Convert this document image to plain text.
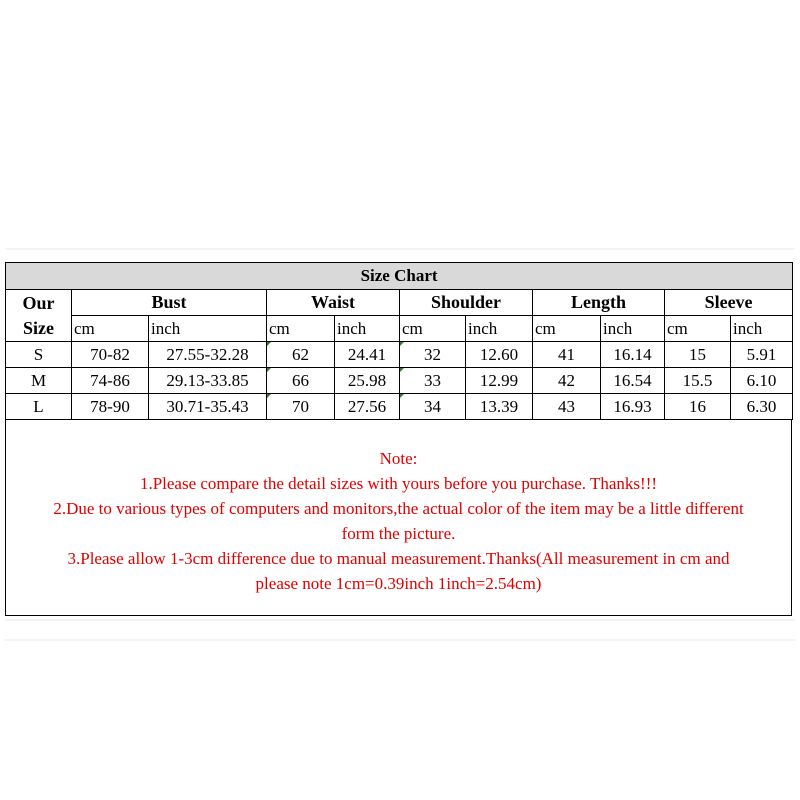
Size Chart										
Our
Size	Bust		Waist		Shoulder		Length		Sleeve	
	cm	inch	cm	inch	cm	inch	cm	inch	cm	inch
S	70-82	27.55-32.28	62	24.41	32	12.60	41	16.14	15	5.91
M	74-86	29.13-33.85	66	25.98	33	12.99	42	16.54	15.5	6.10
L	78-90	30.71-35.43	70	27.56	34	13.39	43	16.93	16	6.30
Note:
1.Please compare the detail sizes with yours before you purchase. Thanks!!!
2.Due to various types of computers and monitors,the actual color of the item may be a little different
form the picture.
3.Please allow 1-3cm difference due to manual measurement.Thanks(All measurement in cm and
please note 1cm=0.39inch 1inch=2.54cm)
